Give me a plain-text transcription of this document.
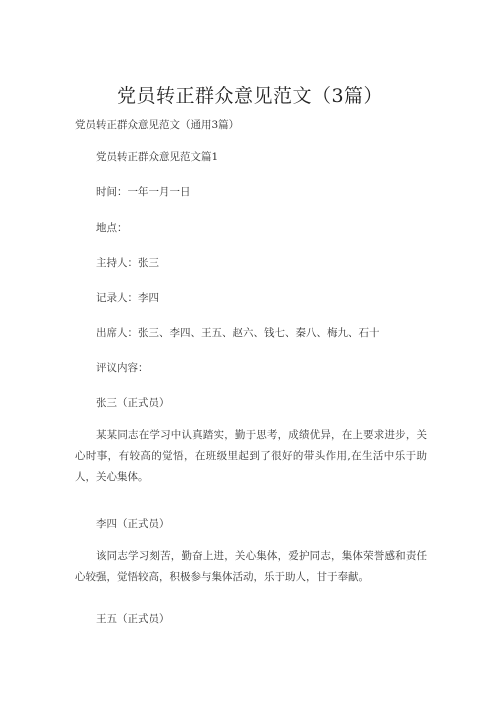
党员转正群众意见范文（3篇）
党员转正群众意见范文（通用3篇）
党员转正群众意见范文篇1
时间：一年一月一日
地点：
主持人：张三
记录人：李四
出席人：张三、李四、王五、赵六、钱七、秦八、梅九、石十
评议内容：
张三（正式员）
某某同志在学习中认真踏实，勤于思考，成绩优异，在上要求进步，关心时事，有较高的觉悟，在班级里起到了很好的带头作用,在生活中乐于助人，关心集体。
李四（正式员）
该同志学习刻苦，勤奋上进，关心集体，爱护同志，集体荣誉感和责任心较强，觉悟较高，积极参与集体活动，乐于助人，甘于奉献。
王五（正式员）
